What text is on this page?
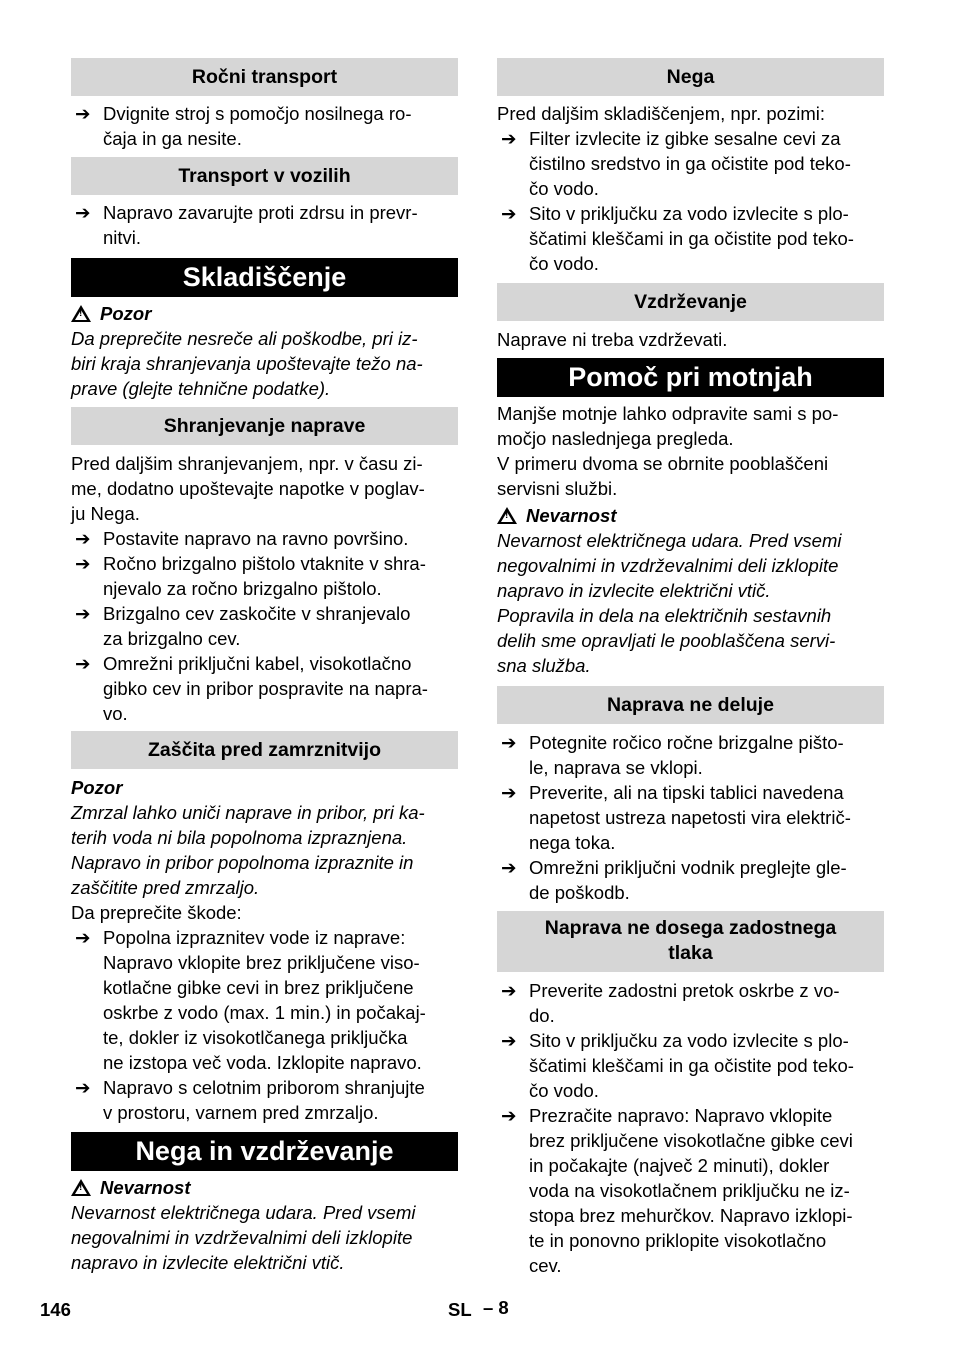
Ročni transport
➔ Dvignite stroj s pomočjo nosilnega ro-
čaja in ga nesite.
Transport v vozilih
➔ Napravo zavarujte proti zdrsu in prevr-
nitvi.
Skladiščenje
!Pozor
Da preprečite nesreče ali poškodbe, pri iz-
biri kraja shranjevanja upoštevajte težo na-
prave (glejte tehnične podatke).
Shranjevanje naprave
Pred daljšim shranjevanjem, npr. v času zi-
me, dodatno upoštevajte napotke v poglav-
ju Nega.
➔ Postavite napravo na ravno površino.
➔ Ročno brizgalno pištolo vtaknite v shra-
njevalo za ročno brizgalno pištolo.
➔ Brizgalno cev zaskočite v shranjevalo
za brizgalno cev.
➔ Omrežni priključni kabel, visokotlačno
gibko cev in pribor pospravite na napra-
vo.
Zaščita pred zamrznitvijo
Pozor
Zmrzal lahko uniči naprave in pribor, pri ka-
terih voda ni bila popolnoma izpraznjena.
Napravo in pribor popolnoma izpraznite in
zaščitite pred zmrzaljo.
Da preprečite škode:
➔ Popolna izpraznitev vode iz naprave:
Napravo vklopite brez priključene viso-
kotlačne gibke cevi in brez priključene
oskrbe z vodo (max. 1 min.) in počakaj-
te, dokler iz visokotlčanega priključka
ne izstopa več voda. Izklopite napravo.
➔ Napravo s celotnim priborom shranjujte
v prostoru, varnem pred zmrzaljo.
Nega in vzdrževanje
!Nevarnost
Nevarnost električnega udara. Pred vsemi
negovalnimi in vzdrževalnimi deli izklopite
napravo in izvlecite električni vtič.
Nega
Pred daljšim skladiščenjem, npr. pozimi:
➔ Filter izvlecite iz gibke sesalne cevi za
čistilno sredstvo in ga očistite pod teko-
čo vodo.
➔ Sito v priključku za vodo izvlecite s plo-
ščatimi kleščami in ga očistite pod teko-
čo vodo.
Vzdrževanje
Naprave ni treba vzdrževati.
Pomoč pri motnjah
Manjše motnje lahko odpravite sami s po-
močjo naslednjega pregleda.
V primeru dvoma se obrnite pooblaščeni
servisni službi.
!Nevarnost
Nevarnost električnega udara. Pred vsemi
negovalnimi in vzdrževalnimi deli izklopite
napravo in izvlecite električni vtič.
Popravila in dela na električnih sestavnih
delih sme opravljati le pooblaščena servi-
sna služba.
Naprava ne deluje
➔ Potegnite ročico ročne brizgalne pišto-
le, naprava se vklopi.
➔ Preverite, ali na tipski tablici navedena
napetost ustreza napetosti vira električ-
nega toka.
➔ Omrežni priključni vodnik preglejte gle-
de poškodb.
Naprava ne dosega zadostnega
tlaka
➔ Preverite zadostni pretok oskrbe z vo-
do.
➔ Sito v priključku za vodo izvlecite s plo-
ščatimi kleščami in ga očistite pod teko-
čo vodo.
➔ Prezračite napravo: Napravo vklopite
brez priključene visokotlačne gibke cevi
in počakajte (največ 2 minuti), dokler
voda na visokotlačnem priključku ne iz-
stopa brez mehurčkov. Napravo izklopi-
te in ponovno priklopite visokotlačno
cev.
146	SL – 8
